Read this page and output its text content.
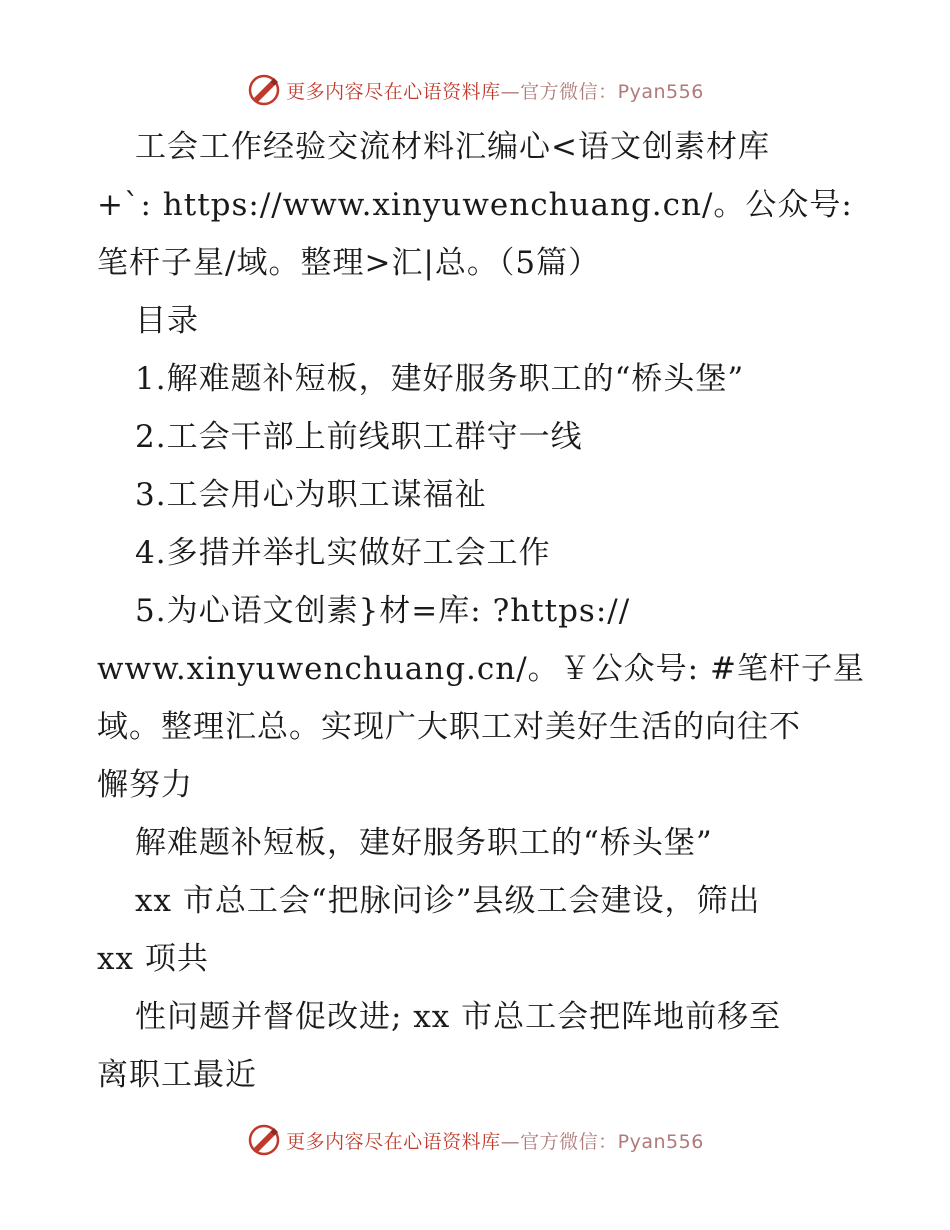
更多内容尽在心语资料库—官方微信：Pyan556

工会工作经验交流材料汇编心<语文创素材库

+`: https://www.xinyuwenchuang.cn/。公众号:

笔杆子星/域。整理>汇|总。（5篇）

目录

1.解难题补短板，建好服务职工的“桥头堡”

2.工会干部上前线职工群守一线

3.工会用心为职工谋福祉

4.多措并举扎实做好工会工作

5.为心语文创素}材=库: ?https://

www.xinyuwenchuang.cn/。￥公众号: #笔杆子星

域。整理汇总。实现广大职工对美好生活的向往不

懈努力

解难题补短板，建好服务职工的“桥头堡”

xx 市总工会“把脉问诊”县级工会建设，筛出

xx 项共

性问题并督促改进; xx 市总工会把阵地前移至

离职工最近

更多内容尽在心语资料库—官方微信：Pyan556
